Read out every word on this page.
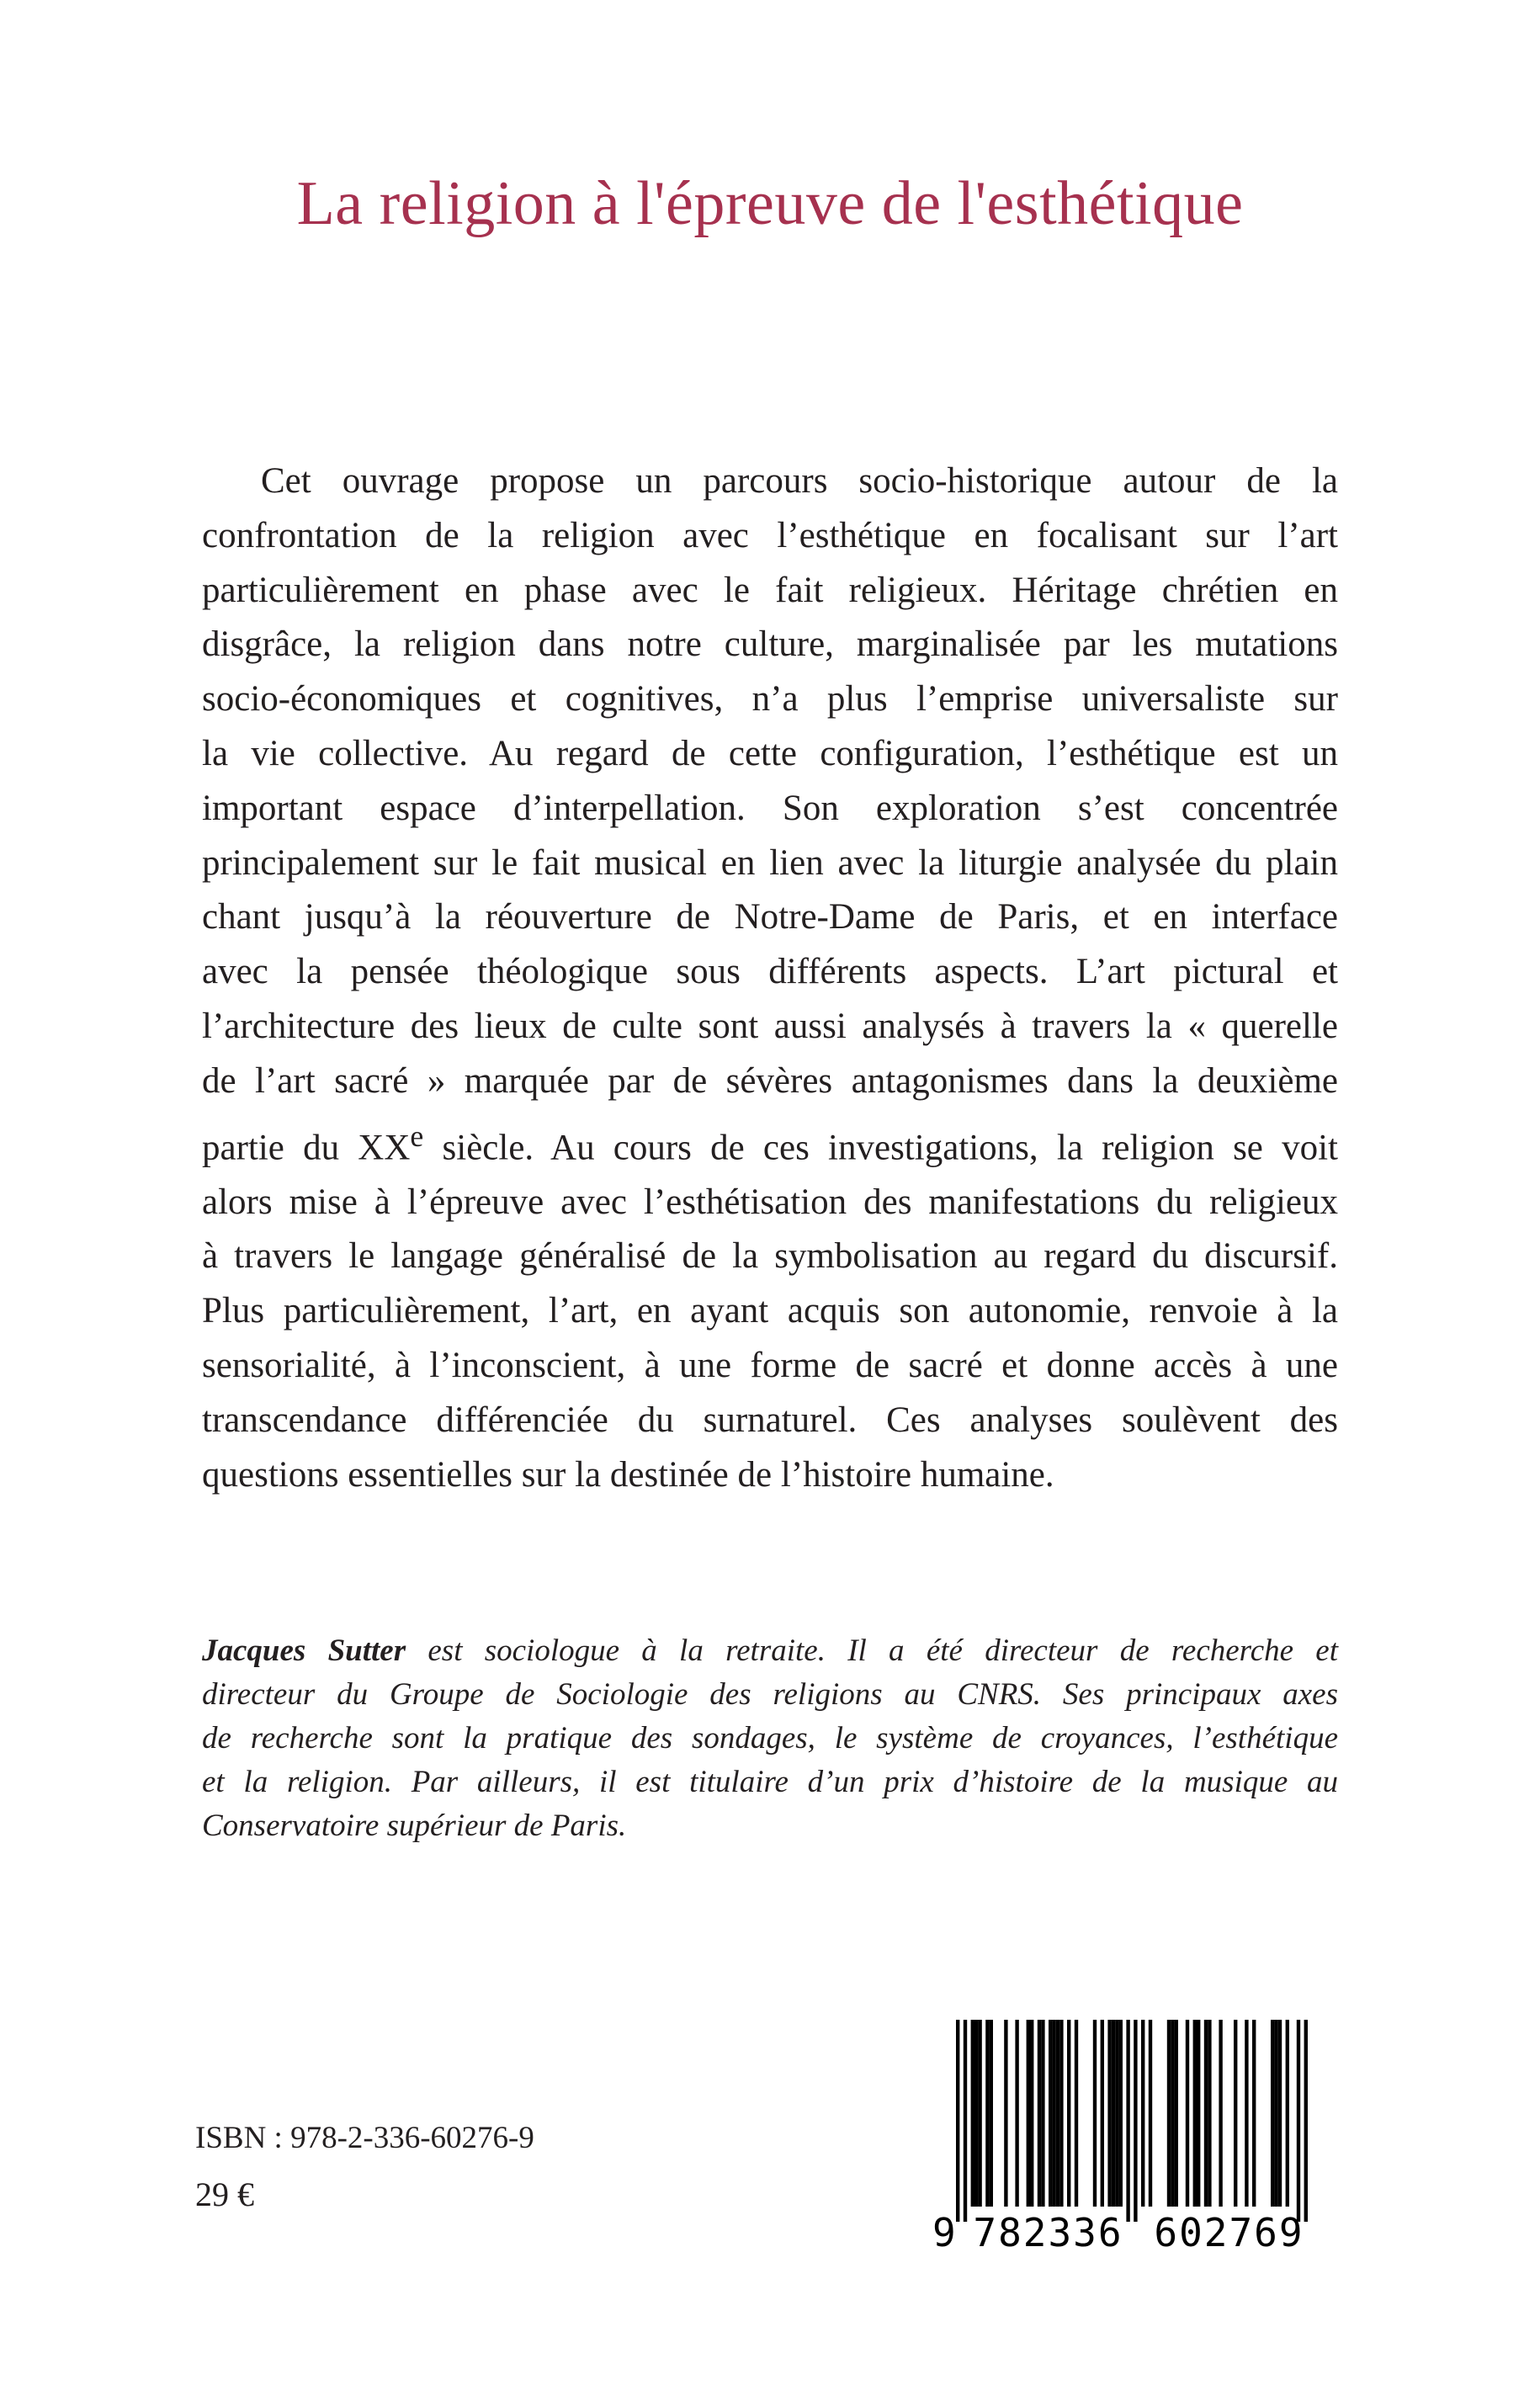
La religion à l'épreuve de l'esthétique
Cet ouvrage propose un parcours socio-historique autour de la
confrontation de la religion avec l’esthétique en focalisant sur l’art
particulièrement en phase avec le fait religieux. Héritage chrétien en
disgrâce, la religion dans notre culture, marginalisée par les mutations
socio-économiques et cognitives, n’a plus l’emprise universaliste sur
la vie collective. Au regard de cette configuration, l’esthétique est un
important espace d’interpellation. Son exploration s’est concentrée
principalement sur le fait musical en lien avec la liturgie analysée du plain
chant jusqu’à la réouverture de Notre-Dame de Paris, et en interface
avec la pensée théologique sous différents aspects. L’art pictural et
l’architecture des lieux de culte sont aussi analysés à travers la « querelle
de l’art sacré » marquée par de sévères antagonismes dans la deuxième
partie du XXe siècle. Au cours de ces investigations, la religion se voit
alors mise à l’épreuve avec l’esthétisation des manifestations du religieux
à travers le langage généralisé de la symbolisation au regard du discursif.
Plus particulièrement, l’art, en ayant acquis son autonomie, renvoie à la
sensorialité, à l’inconscient, à une forme de sacré et donne accès à une
transcendance différenciée du surnaturel. Ces analyses soulèvent des
questions essentielles sur la destinée de l’histoire humaine.
Jacques Sutter est sociologue à la retraite. Il a été directeur de recherche et
directeur du Groupe de Sociologie des religions au CNRS. Ses principaux axes
de recherche sont la pratique des sondages, le système de croyances, l’esthétique
et la religion. Par ailleurs, il est titulaire d’un prix d’histoire de la musique au
Conservatoire supérieur de Paris.
ISBN : 978-2-336-60276-9
29 €
9 782336 602769
